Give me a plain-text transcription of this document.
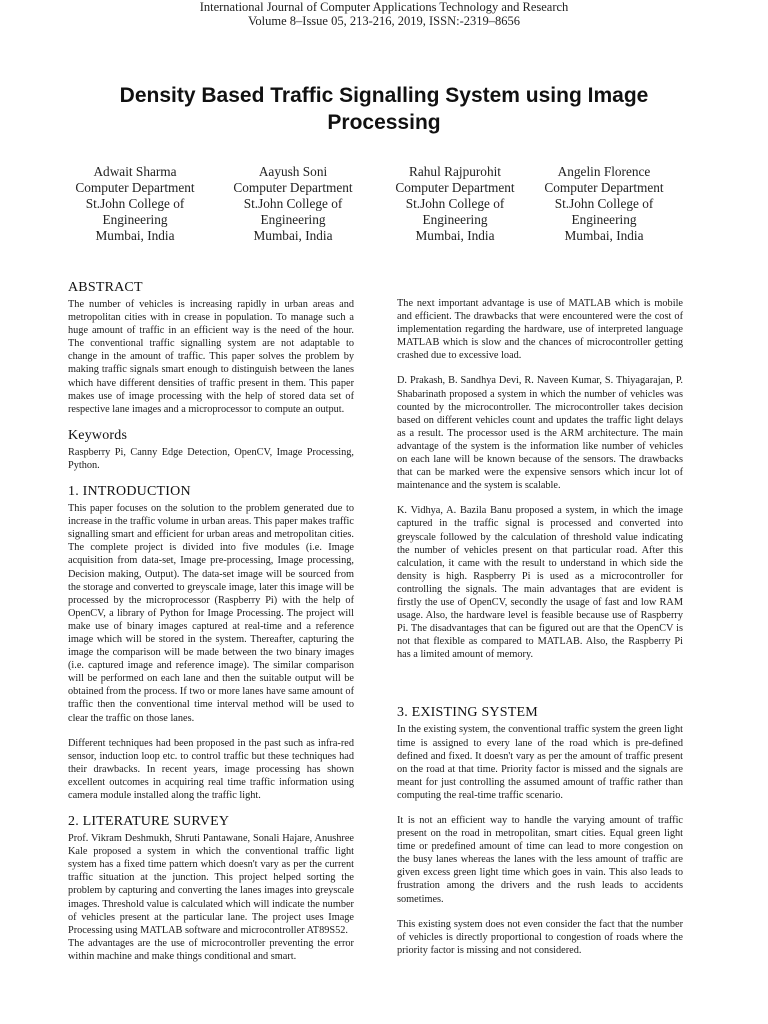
International Journal of Computer Applications Technology and Research
Volume 8–Issue 05, 213-216, 2019, ISSN:-2319–8656
Density Based Traffic Signalling System using Image
Processing
Adwait Sharma
Computer Department
St.John College of
Engineering
Mumbai, India
Aayush Soni
Computer Department
St.John College of
Engineering
Mumbai, India
Rahul Rajpurohit
Computer Department
St.John College of
Engineering
Mumbai, India
Angelin Florence
Computer Department
St.John College of
Engineering
Mumbai, India
ABSTRACT

The number of vehicles is increasing rapidly in urban areas and metropolitan cities with in crease in population. To manage such a huge amount of traffic in an efficient way is the need of the hour. The conventional traffic signalling system are not adaptable to change in the amount of traffic. This paper solves the problem by making traffic signals smart enough to distinguish between the lanes which have different densities of traffic present in them. This paper makes use of image processing with the help of stored data set of respective lane images and a microprocessor to compute an output.

Keywords

Raspberry Pi, Canny Edge Detection, OpenCV, Image Processing, Python.

1. INTRODUCTION

This paper focuses on the solution to the problem generated due to increase in the traffic volume in urban areas. This paper makes traffic signalling smart and efficient for urban areas and metropolitan cities. The complete project is divided into five modules (i.e. Image acquisition from data-set, Image pre-processing, Image processing, Decision making, Output). The data-set image will be sourced from the storage and converted to greyscale image, later this image will be processed by the microprocessor (Raspberry Pi) with the help of OpenCV, a library of Python for Image Processing. The project will make use of binary images captured at real-time and a reference image which will be stored in the system. Thereafter, capturing the image the comparison will be made between the two binary images (i.e. captured image and reference image). The similar comparison will be performed on each lane and then the suitable output will be obtained from the process. If two or more lanes have same amount of traffic then the conventional time interval method will be used to clear the traffic on those lanes.

Different techniques had been proposed in the past such as infra-red sensor, induction loop etc. to control traffic but these techniques had their drawbacks. In recent years, image processing has shown excellent outcomes in acquiring real time traffic information using camera module installed along the traffic light.

2. LITERATURE SURVEY

Prof. Vikram Deshmukh, Shruti Pantawane, Sonali Hajare, Anushree Kale proposed a system in which the conventional traffic light system has a fixed time pattern which doesn't vary as per the current traffic situation at the junction. This project helped sorting the problem by capturing and converting the lanes images into greyscale images. Threshold value is calculated which will indicate the number of vehicles present at the particular lane. The project uses Image Processing using MATLAB software and microcontroller AT89S52.

The advantages are the use of microcontroller preventing the error within machine and make things conditional and smart.

The next important advantage is use of MATLAB which is mobile and efficient. The drawbacks that were encountered were the cost of implementation regarding the hardware, use of interpreted language MATLAB which is slow and the chances of microcontroller getting crashed due to excessive load.

D. Prakash, B. Sandhya Devi, R. Naveen Kumar, S. Thiyagarajan, P. Shabarinath proposed a system in which the number of vehicles was counted by the microcontroller. The microcontroller takes decision based on different vehicles count and updates the traffic light delays as a result. The processor used is the ARM architecture. The main advantage of the system is the information like number of vehicles on each lane will be known because of the sensors. The drawbacks that can be marked were the expensive sensors which incur lot of maintenance and the system is scalable.

K. Vidhya, A. Bazila Banu proposed a system, in which the image captured in the traffic signal is processed and converted into greyscale followed by the calculation of threshold value indicating the number of vehicles present on that particular road. After this calculation, it came with the result to understand in which side the density is high. Raspberry Pi is used as a microcontroller for controlling the signals. The main advantages that are evident is firstly the use of OpenCV, secondly the usage of fast and low RAM usage. Also, the hardware level is feasible because use of Raspberry Pi. The disadvantages that can be figured out are that the OpenCV is not that flexible as compared to MATLAB. Also, the Raspberry Pi has a limited amount of memory.

3. EXISTING SYSTEM

In the existing system, the conventional traffic system the green light time is assigned to every lane of the road which is pre-defined defined and fixed. It doesn't vary as per the amount of traffic present on the road at that time. Priority factor is missed and the signals are meant for just controlling the assumed amount of traffic rather than computing the real-time traffic scenario.

It is not an efficient way to handle the varying amount of traffic present on the road in metropolitan, smart cities. Equal green light time or predefined amount of time can lead to more congestion on the busy lanes whereas the lanes with the less amount of traffic are given excess green light time which goes in vain. This also leads to frustration among the drivers and the rush leads to accidents sometimes.

This existing system does not even consider the fact that the number of vehicles is directly proportional to congestion of roads where the priority factor is missing and not considered.
